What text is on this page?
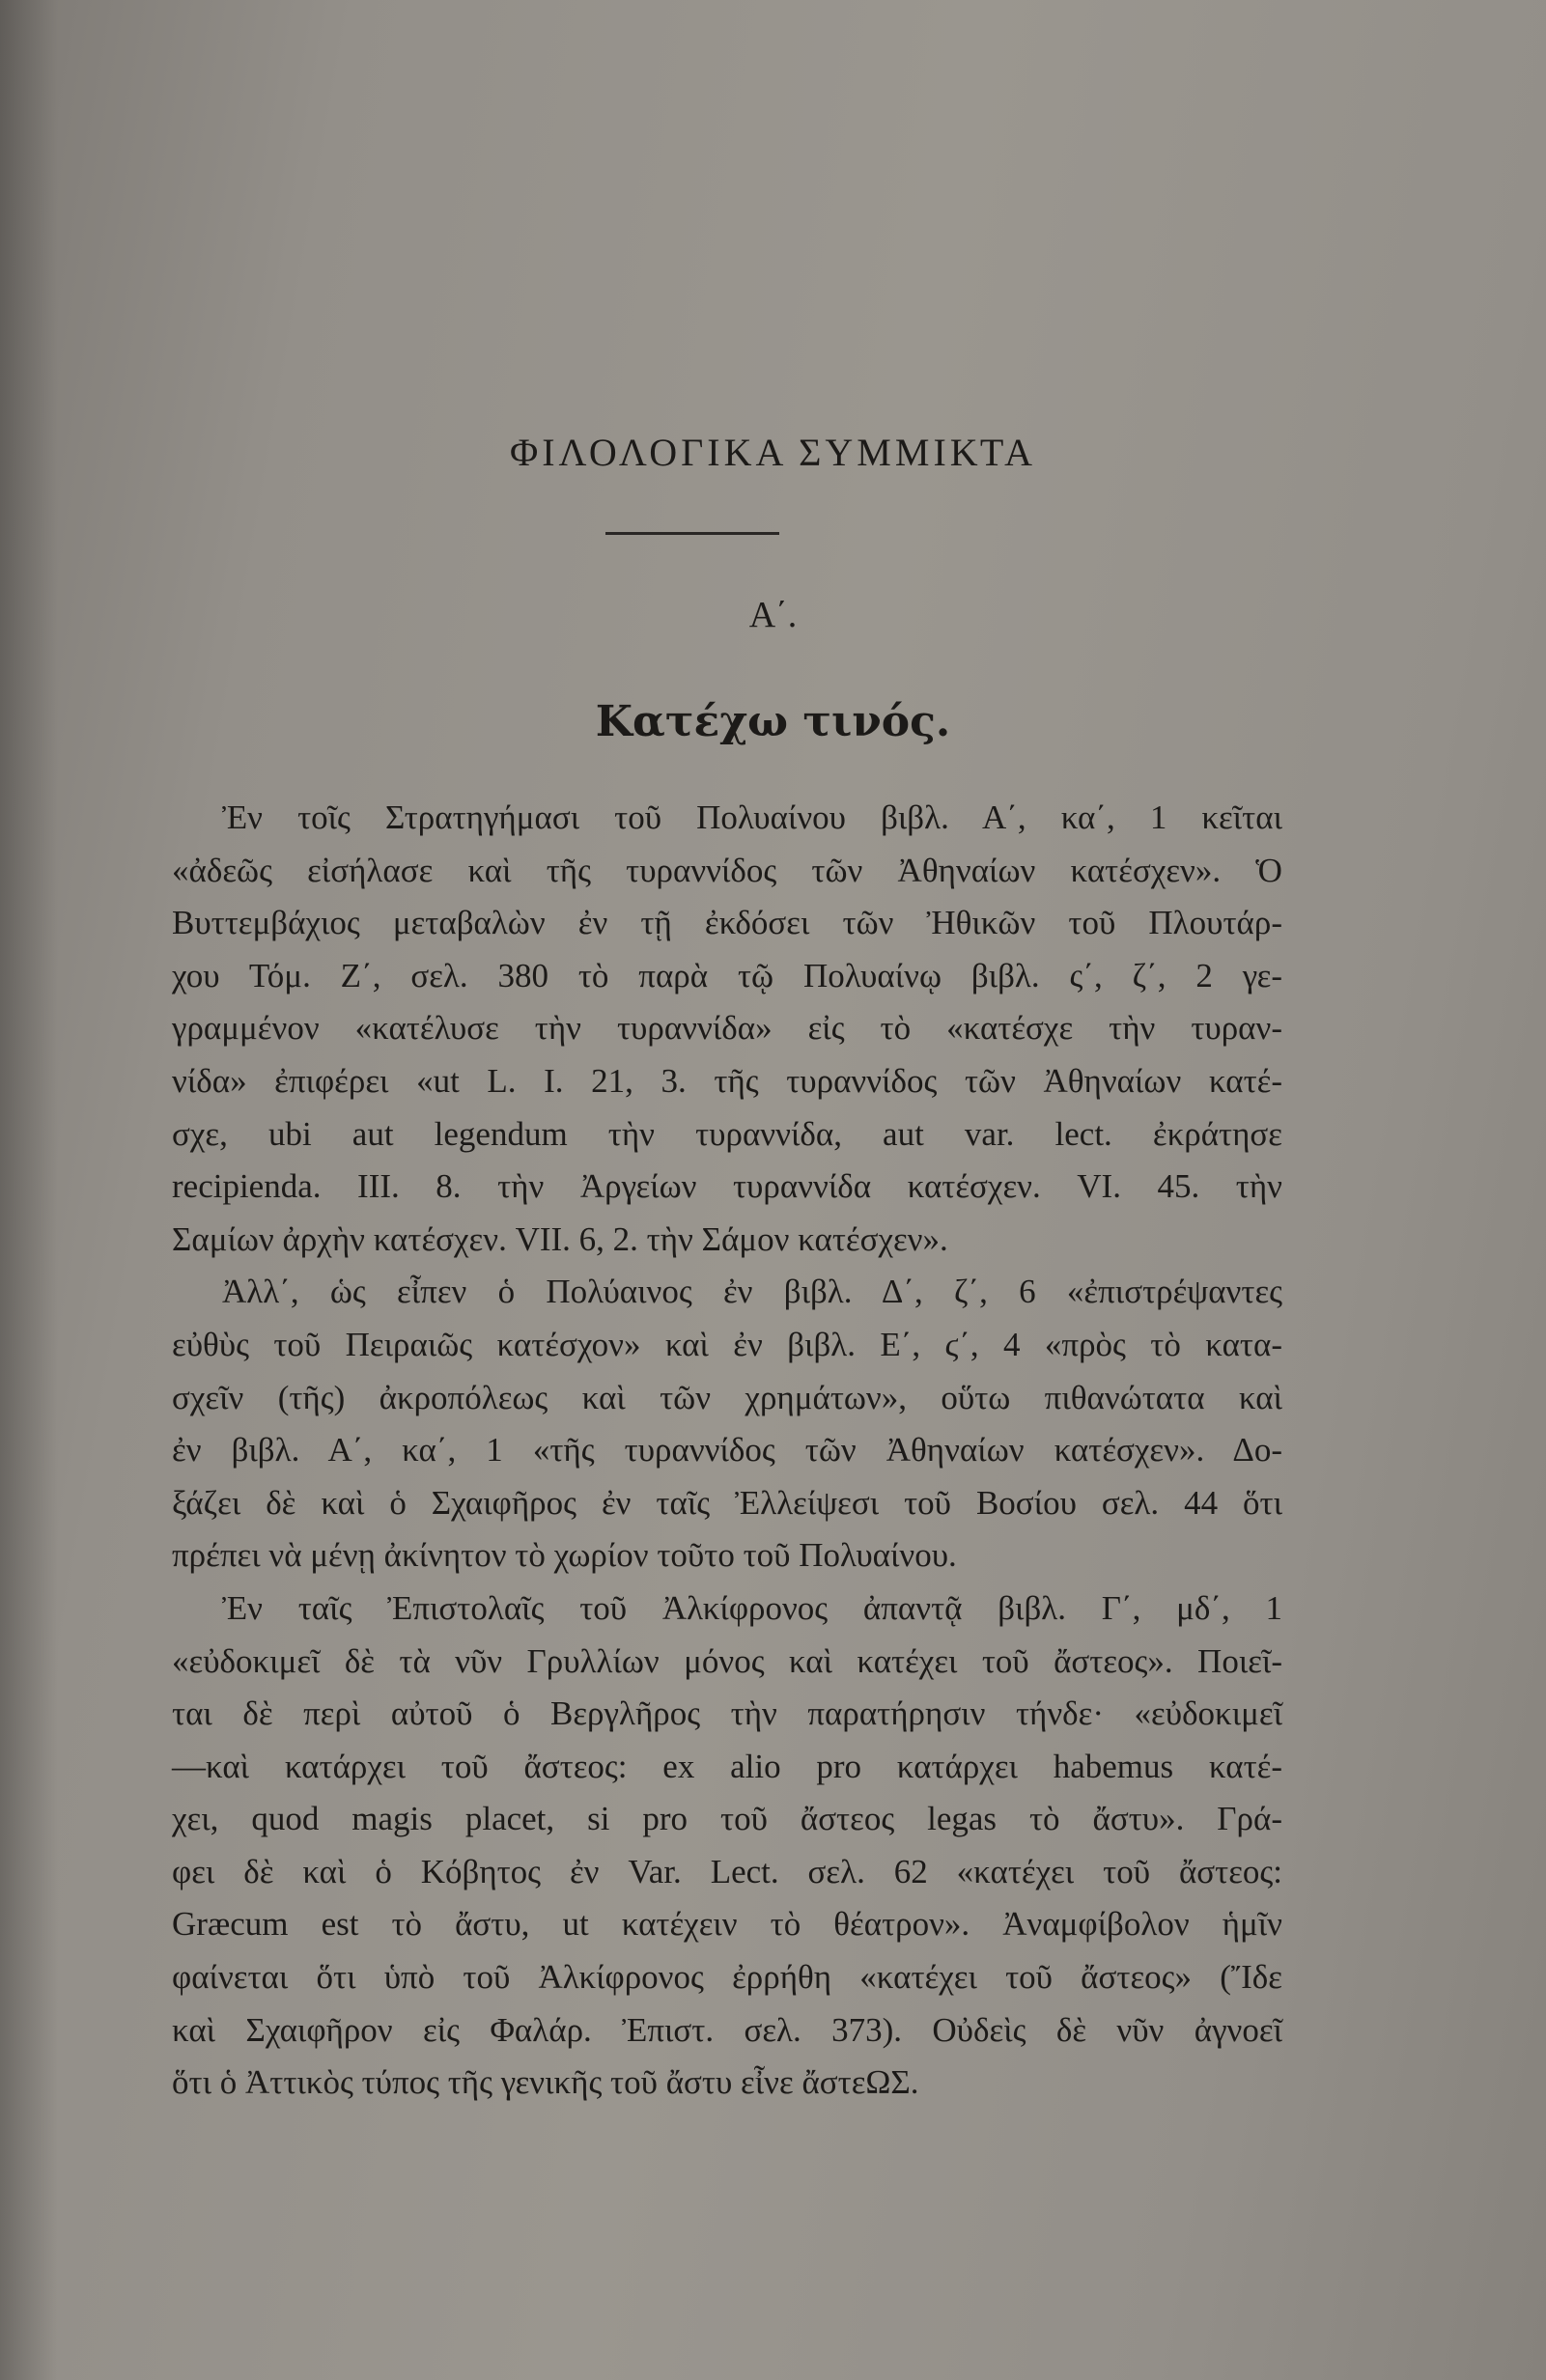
ΦΙΛΟΛΟΓΙΚΑ ΣΥΜΜΙΚΤΑ
Α΄.
Κατέχω τινός.
Ἐν τοῖς Στρατηγήμασι τοῦ Πολυαίνου βιβλ. Α΄, κα΄, 1 κεῖται
«ἀδεῶς εἰσήλασε καὶ τῆς τυραννίδος τῶν Ἀθηναίων κατέσχεν». Ὁ
Βυττεμβάχιος μεταβαλὼν ἐν τῇ ἐκδόσει τῶν Ἠθικῶν τοῦ Πλουτάρ-
χου Τόμ. Ζ΄, σελ. 380 τὸ παρὰ τῷ Πολυαίνῳ βιβλ. ς΄, ζ΄, 2 γε-
γραμμένον «κατέλυσε τὴν τυραννίδα» εἰς τὸ «κατέσχε τὴν τυραν-
νίδα» ἐπιφέρει «ut L. I. 21, 3. τῆς τυραννίδος τῶν Ἀθηναίων κατέ-
σχε, ubi aut legendum τὴν τυραννίδα, aut var. lect. ἐκράτησε
recipienda. III. 8. τὴν Ἀργείων τυραννίδα κατέσχεν. VI. 45. τὴν
Σαμίων ἀρχὴν κατέσχεν. VII. 6, 2. τὴν Σάμον κατέσχεν».
Ἀλλ΄, ὡς εἶπεν ὁ Πολύαινος ἐν βιβλ. Δ΄, ζ΄, 6 «ἐπιστρέψαντες
εὐθὺς τοῦ Πειραιῶς κατέσχον» καὶ ἐν βιβλ. Ε΄, ϛ΄, 4 «πρὸς τὸ κατα-
σχεῖν (τῆς) ἀκροπόλεως καὶ τῶν χρημάτων», οὕτω πιθανώτατα καὶ
ἐν βιβλ. Α΄, κα΄, 1 «τῆς τυραννίδος τῶν Ἀθηναίων κατέσχεν». Δο-
ξάζει δὲ καὶ ὁ Σχαιφῆρος ἐν ταῖς Ἐλλείψεσι τοῦ Βοσίου σελ. 44 ὅτι
πρέπει νὰ μένῃ ἀκίνητον τὸ χωρίον τοῦτο τοῦ Πολυαίνου.
Ἐν ταῖς Ἐπιστολαῖς τοῦ Ἀλκίφρονος ἀπαντᾷ βιβλ. Γ΄, μδ΄, 1
«εὐδοκιμεῖ δὲ τὰ νῦν Γρυλλίων μόνος καὶ κατέχει τοῦ ἄστεος». Ποιεῖ-
ται δὲ περὶ αὐτοῦ ὁ Βεργλῆρος τὴν παρατήρησιν τήνδε· «εὐδοκιμεῖ
—καὶ κατάρχει τοῦ ἄστεος: ex alio pro κατάρχει habemus κατέ-
χει, quod magis placet, si pro τοῦ ἄστεος legas τὸ ἄστυ». Γρά-
φει δὲ καὶ ὁ Κόβητος ἐν Var. Lect. σελ. 62 «κατέχει τοῦ ἄστεος:
Græcum est τὸ ἄστυ, ut κατέχειν τὸ θέατρον». Ἀναμφίβολον ἡμῖν
φαίνεται ὅτι ὑπὸ τοῦ Ἀλκίφρονος ἐρρήθη «κατέχει τοῦ ἄστεος» (Ἴδε
καὶ Σχαιφῆρον εἰς Φαλάρ. Ἐπιστ. σελ. 373). Οὐδεὶς δὲ νῦν ἀγνοεῖ
ὅτι ὁ Ἀττικὸς τύπος τῆς γενικῆς τοῦ ἄστυ εἶνε ἄστεΩΣ.
